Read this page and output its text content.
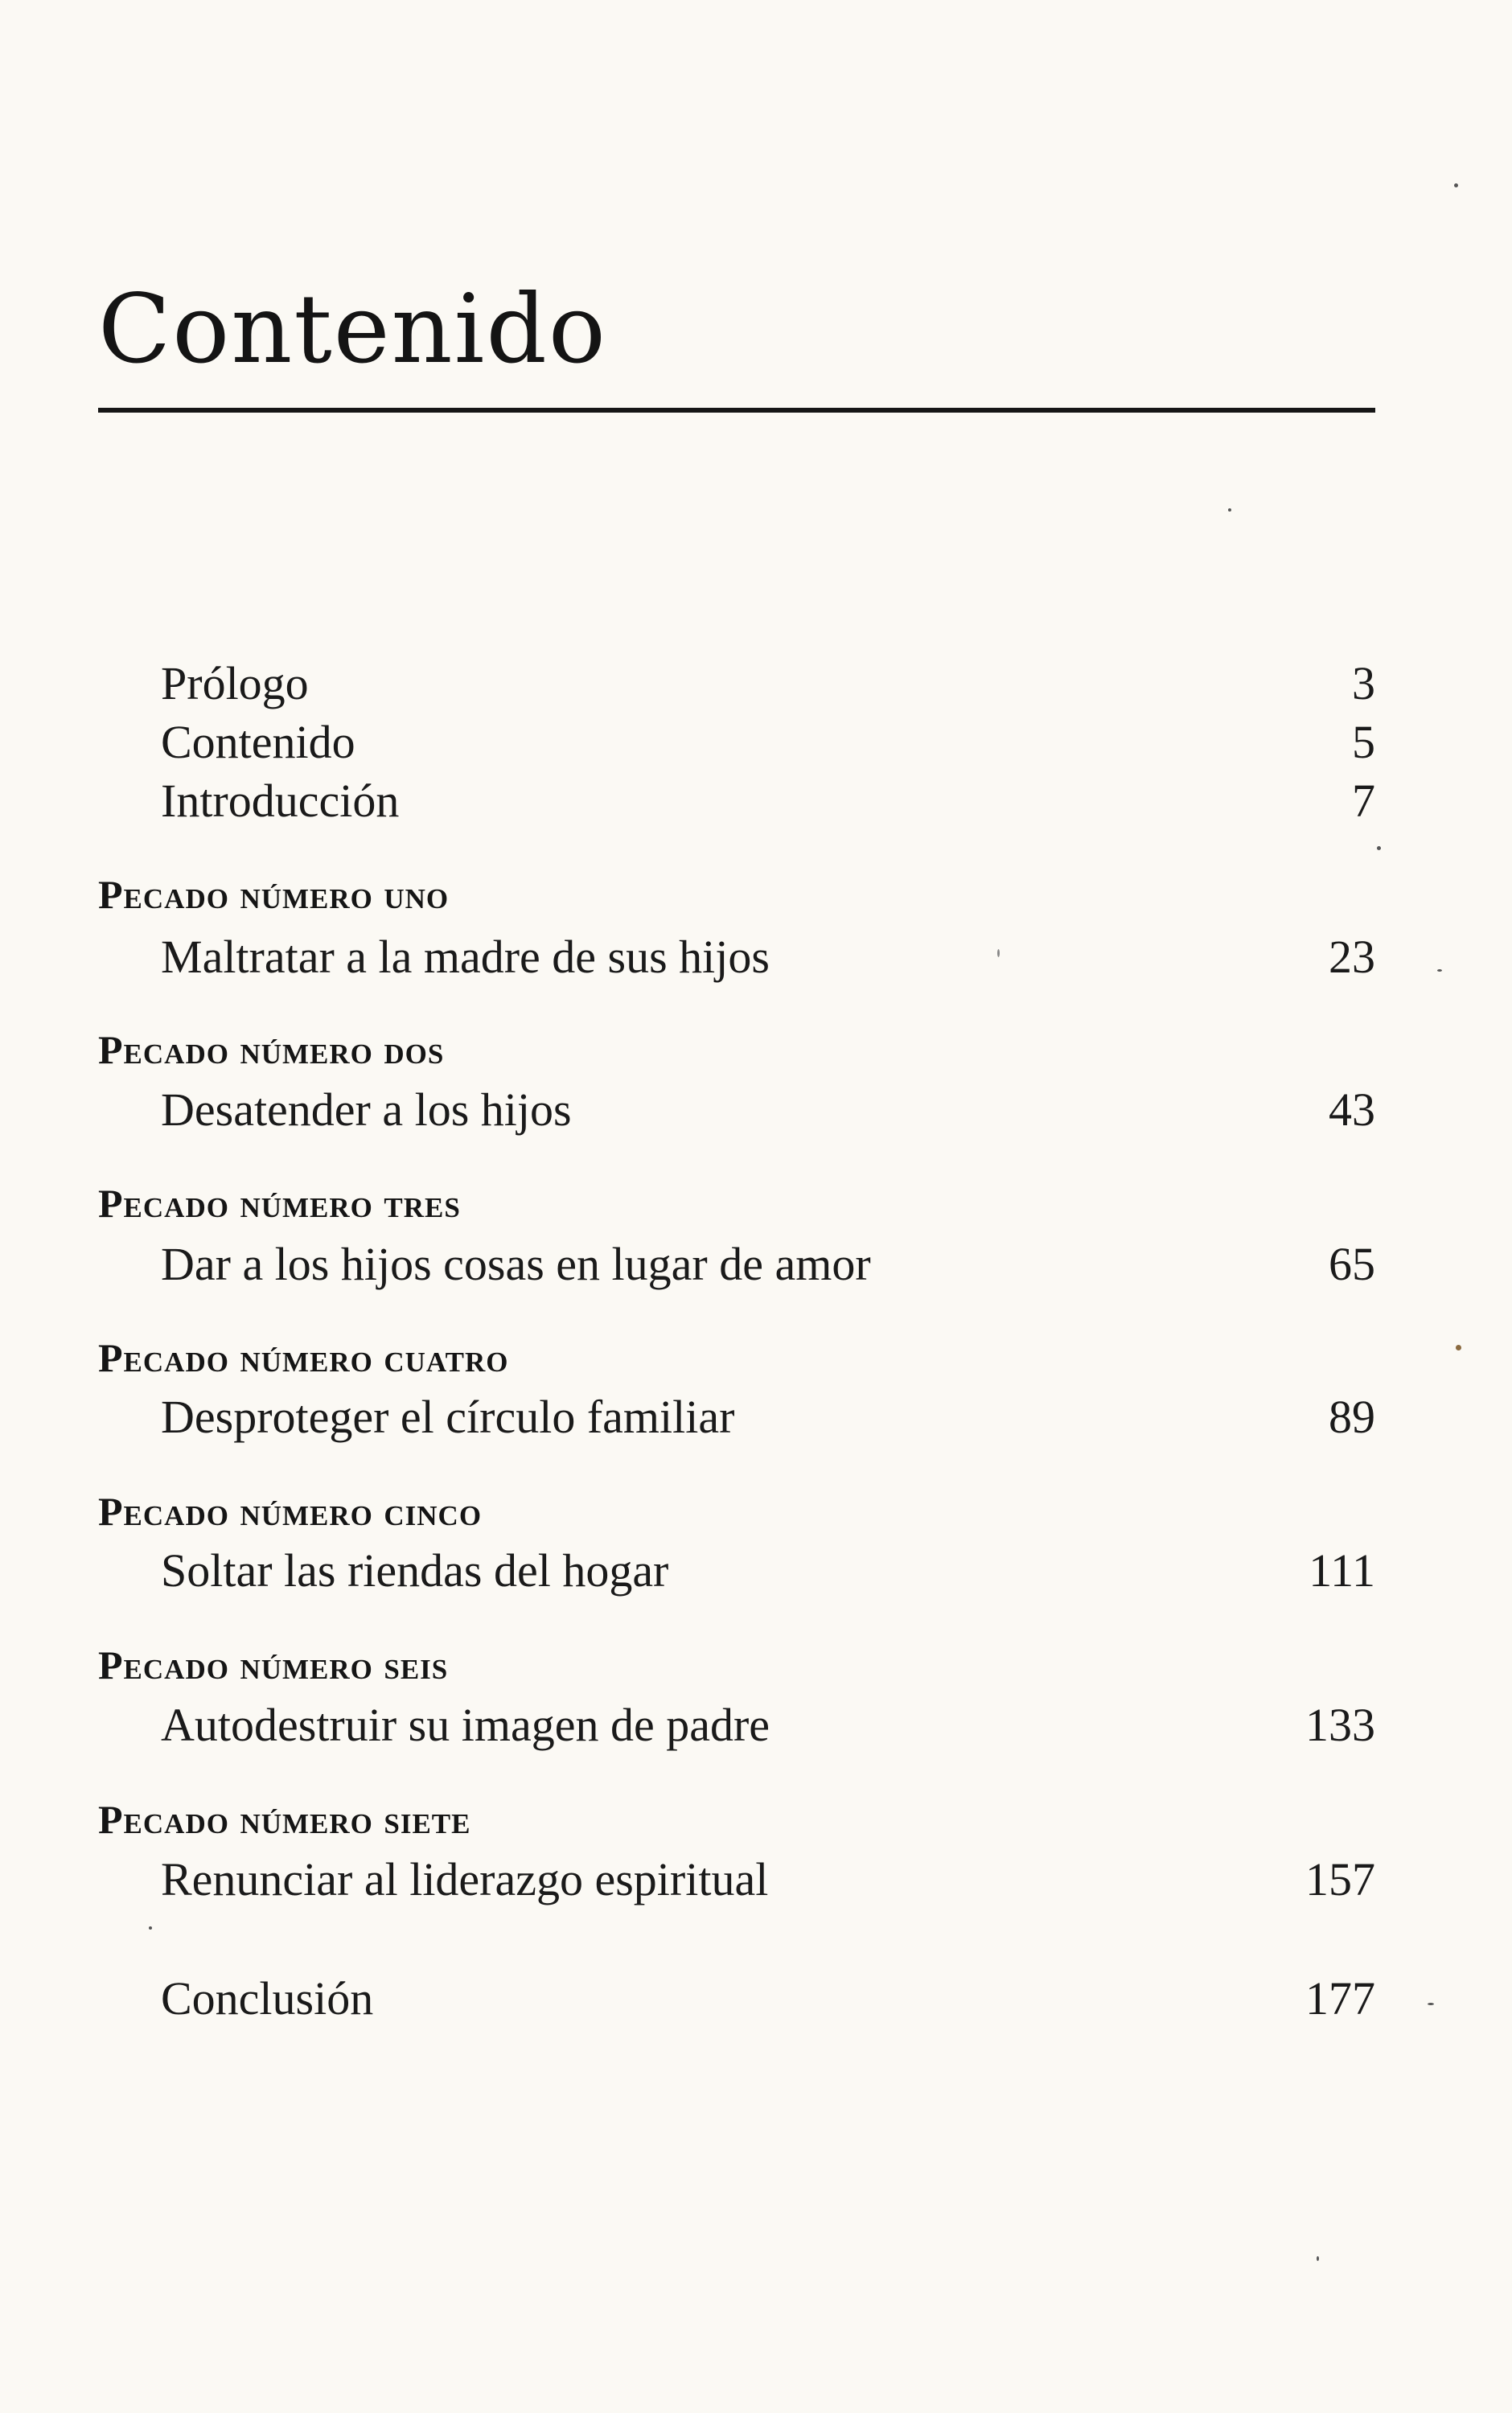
Contenido
Prólogo	3
Contenido	5
Introducción	7
Pecado número uno
Maltratar a la madre de sus hijos	23
Pecado número dos
Desatender a los hijos	43
Pecado número tres
Dar a los hijos cosas en lugar de amor	65
Pecado número cuatro
Desproteger el círculo familiar	89
Pecado número cinco
Soltar las riendas del hogar	111
Pecado número seis
Autodestruir su imagen de padre	133
Pecado número siete
Renunciar al liderazgo espiritual	157
Conclusión	177
